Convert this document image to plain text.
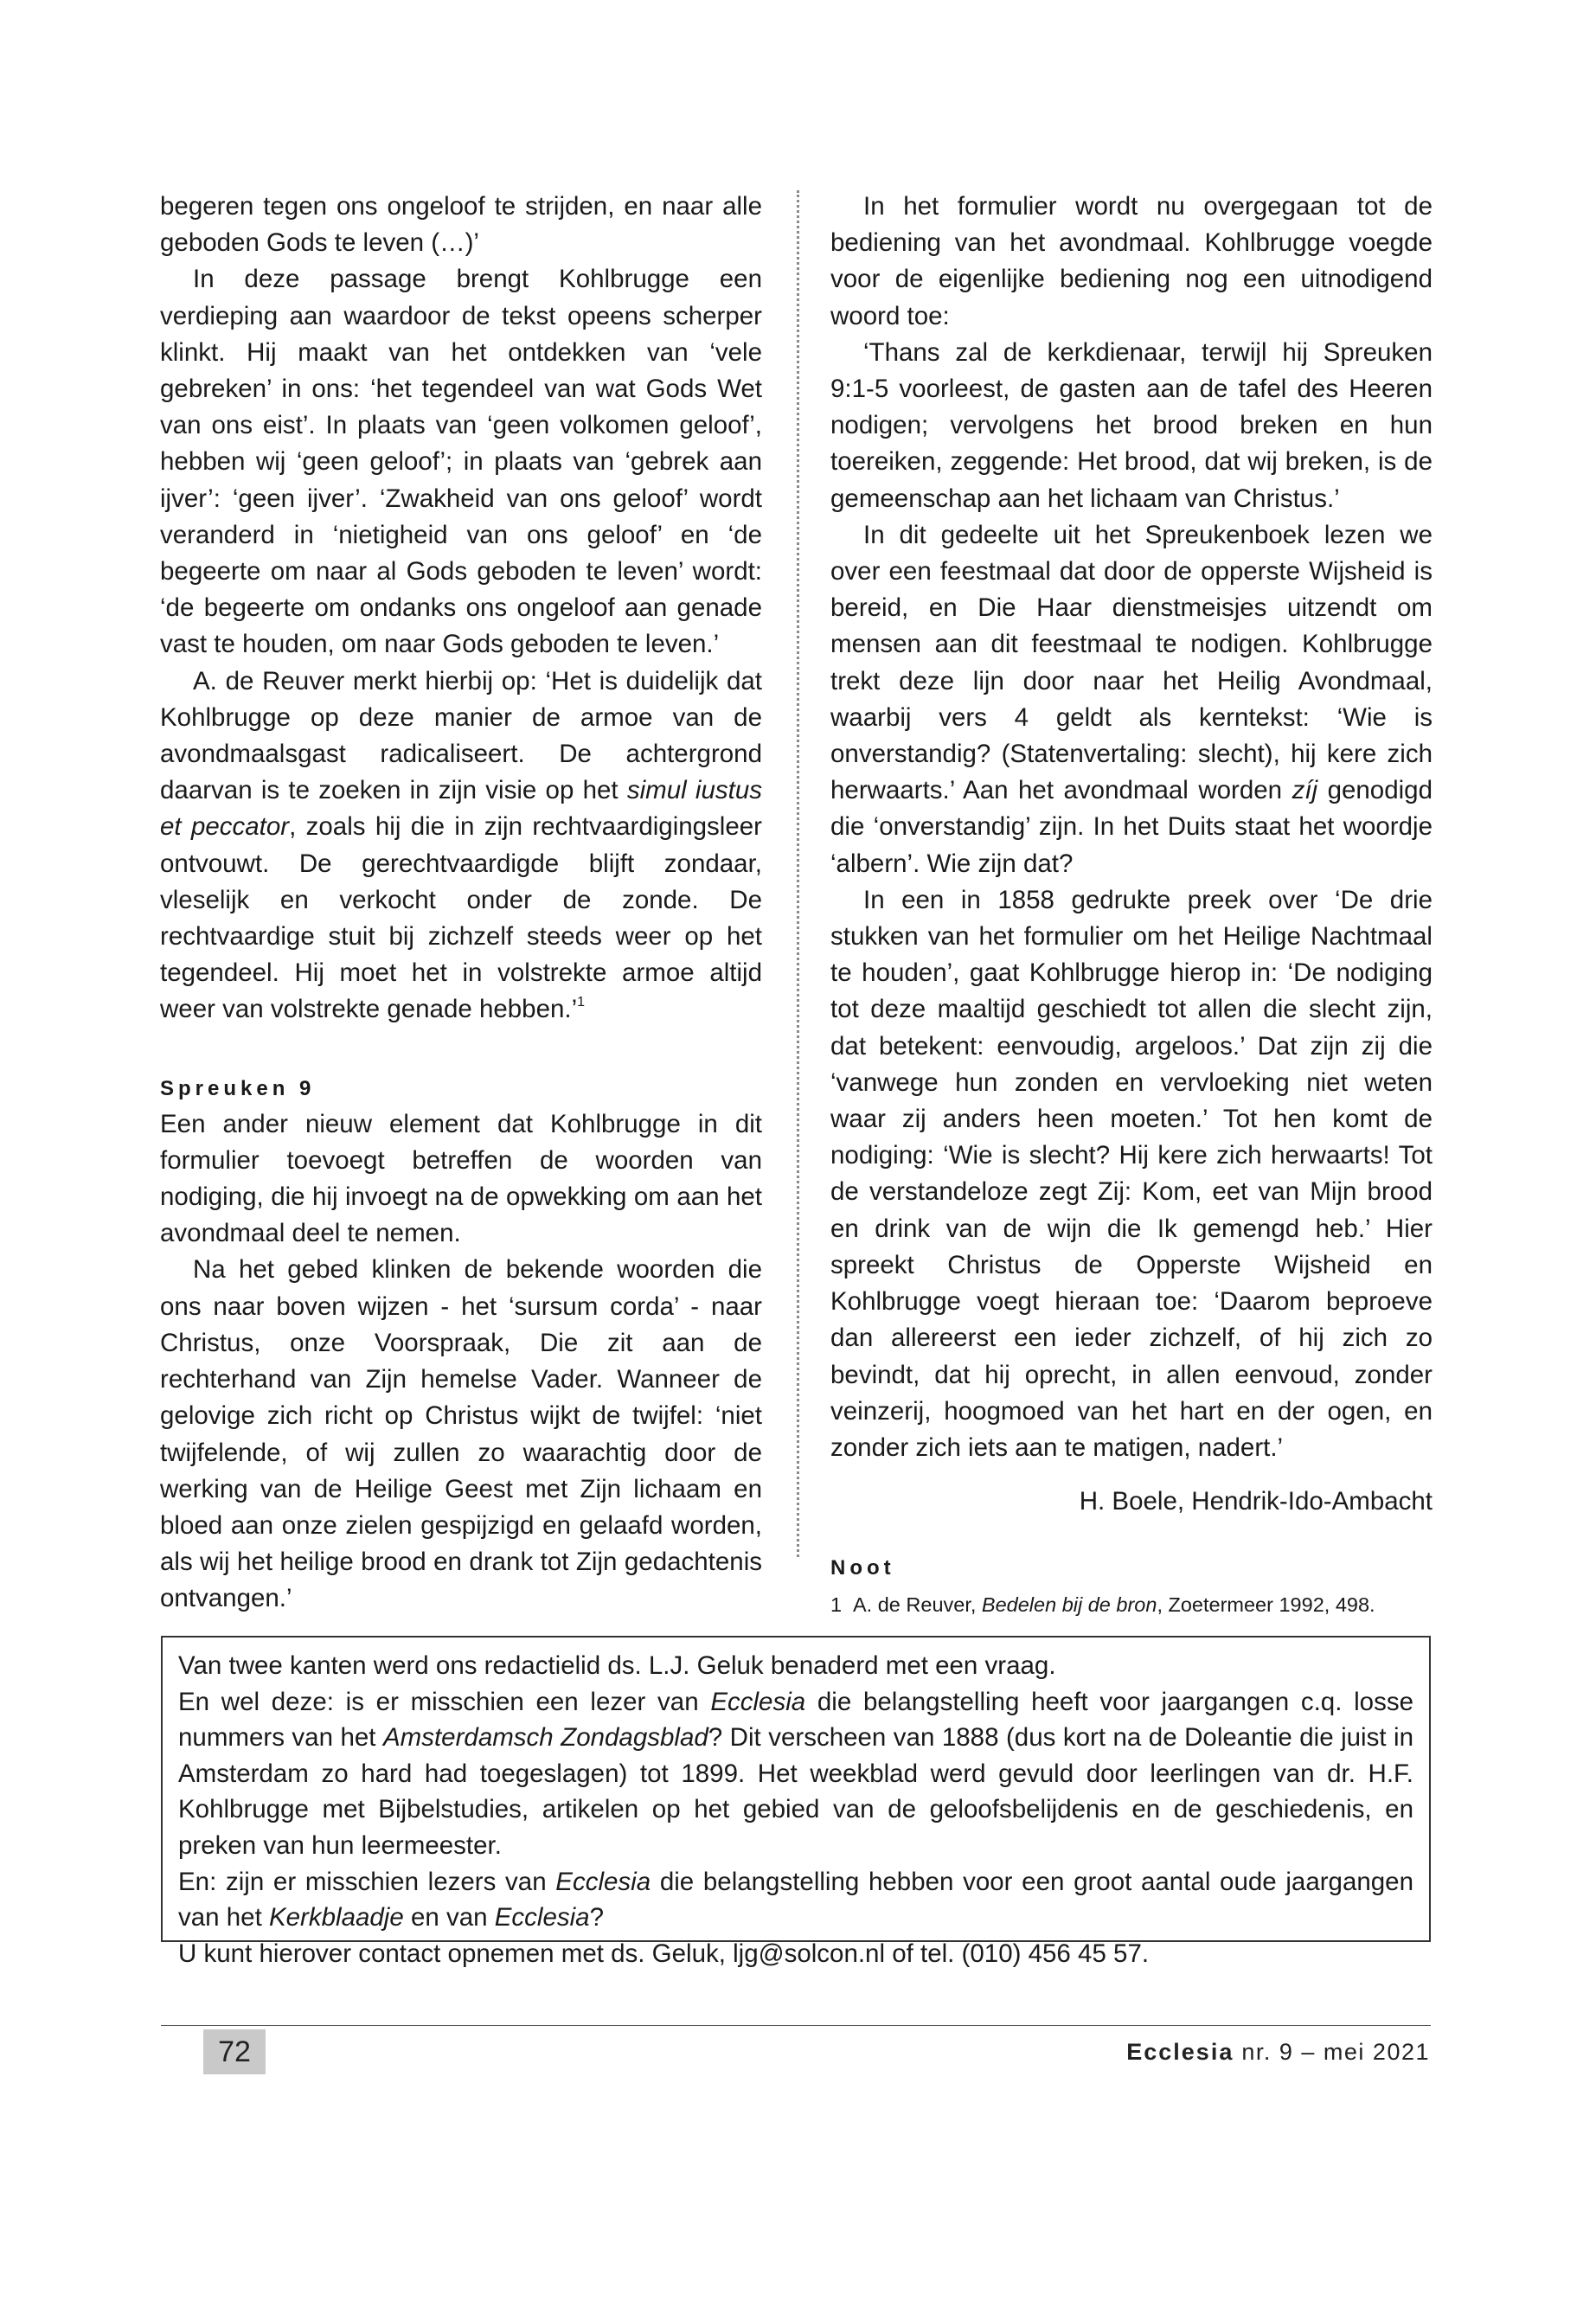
begeren tegen ons ongeloof te strijden, en naar alle geboden Gods te leven (…)’

In deze passage brengt Kohlbrugge een verdieping aan waardoor de tekst opeens scherper klinkt. Hij maakt van het ontdekken van ‘vele gebreken’ in ons: ‘het tegendeel van wat Gods Wet van ons eist’. In plaats van ‘geen volkomen geloof’, hebben wij ‘geen geloof’; in plaats van ‘gebrek aan ijver’: ‘geen ijver’. ‘Zwakheid van ons geloof’ wordt veranderd in ‘nietigheid van ons geloof’ en ‘de begeerte om naar al Gods geboden te leven’ wordt: ‘de begeerte om ondanks ons ongeloof aan genade vast te houden, om naar Gods geboden te leven.’

A. de Reuver merkt hierbij op: ‘Het is duidelijk dat Kohlbrugge op deze manier de armoe van de avondmaalsgast radicaliseert. De achtergrond daarvan is te zoeken in zijn visie op het simul iustus et peccator, zoals hij die in zijn rechtvaardigingsleer ontvouwt. De gerechtvaardigde blijft zondaar, vleselijk en verkocht onder de zonde. De rechtvaardige stuit bij zichzelf steeds weer op het tegendeel. Hij moet het in volstrekte armoe altijd weer van volstrekte genade hebben.’$^1$

Spreuken 9

Een ander nieuw element dat Kohlbrugge in dit formulier toevoegt betreffen de woorden van nodiging, die hij invoegt na de opwekking om aan het avondmaal deel te nemen.

Na het gebed klinken de bekende woorden die ons naar boven wijzen - het ‘sursum corda’ - naar Christus, onze Voorspraak, Die zit aan de rechterhand van Zijn hemelse Vader. Wanneer de gelovige zich richt op Christus wijkt de twijfel: ‘niet twijfelende, of wij zullen zo waarachtig door de werking van de Heilige Geest met Zijn lichaam en bloed aan onze zielen gespijzigd en gelaafd worden, als wij het heilige brood en drank tot Zijn gedachtenis ontvangen.’

In het formulier wordt nu overgegaan tot de bediening van het avondmaal. Kohlbrugge voegde voor de eigenlijke bediening nog een uitnodigend woord toe:

‘Thans zal de kerkdienaar, terwijl hij Spreuken 9:1-5 voorleest, de gasten aan de tafel des Heeren nodigen; vervolgens het brood breken en hun toereiken, zeggende: Het brood, dat wij breken, is de gemeenschap aan het lichaam van Christus.’

In dit gedeelte uit het Spreukenboek lezen we over een feestmaal dat door de opperste Wijsheid is bereid, en Die Haar dienstmeisjes uitzendt om mensen aan dit feestmaal te nodigen. Kohlbrugge trekt deze lijn door naar het Heilig Avondmaal, waarbij vers 4 geldt als kerntekst: ‘Wie is onverstandig? (Statenvertaling: slecht), hij kere zich herwaarts.’ Aan het avondmaal worden zíj genodigd die ‘onverstandig’ zijn. In het Duits staat het woordje ‘albern’. Wie zijn dat?

In een in 1858 gedrukte preek over ‘De drie stukken van het formulier om het Heilige Nachtmaal te houden’, gaat Kohlbrugge hierop in: ‘De nodiging tot deze maaltijd geschiedt tot allen die slecht zijn, dat betekent: eenvoudig, argeloos.’ Dat zijn zij die ‘vanwege hun zonden en vervloeking niet weten waar zij anders heen moeten.’ Tot hen komt de nodiging: ‘Wie is slecht? Hij kere zich herwaarts! Tot de verstandeloze zegt Zij: Kom, eet van Mijn brood en drink van de wijn die Ik gemengd heb.’ Hier spreekt Christus de Opperste Wijsheid en Kohlbrugge voegt hieraan toe: ‘Daarom beproeve dan allereerst een ieder zichzelf, of hij zich zo bevindt, dat hij oprecht, in allen eenvoud, zonder veinzerij, hoogmoed van het hart en der ogen, en zonder zich iets aan te matigen, nadert.’

H. Boele, Hendrik-Ido-Ambacht

Noot

1 A. de Reuver, Bedelen bij de bron, Zoetermeer 1992, 498.

Van twee kanten werd ons redactielid ds. L.J. Geluk benaderd met een vraag.

En wel deze: is er misschien een lezer van Ecclesia die belangstelling heeft voor jaargangen c.q. losse nummers van het Amsterdamsch Zondagsblad? Dit verscheen van 1888 (dus kort na de Doleantie die juist in Amsterdam zo hard had toegeslagen) tot 1899. Het weekblad werd gevuld door leerlingen van dr. H.F. Kohlbrugge met Bijbelstudies, artikelen op het gebied van de geloofsbelijdenis en de geschiedenis, en preken van hun leermeester.

En: zijn er misschien lezers van Ecclesia die belangstelling hebben voor een groot aantal oude jaargangen van het Kerkblaadje en van Ecclesia?

U kunt hierover contact opnemen met ds. Geluk, ljg@solcon.nl of tel. (010) 456 45 57.

72	Ecclesia nr. 9 – mei 2021
